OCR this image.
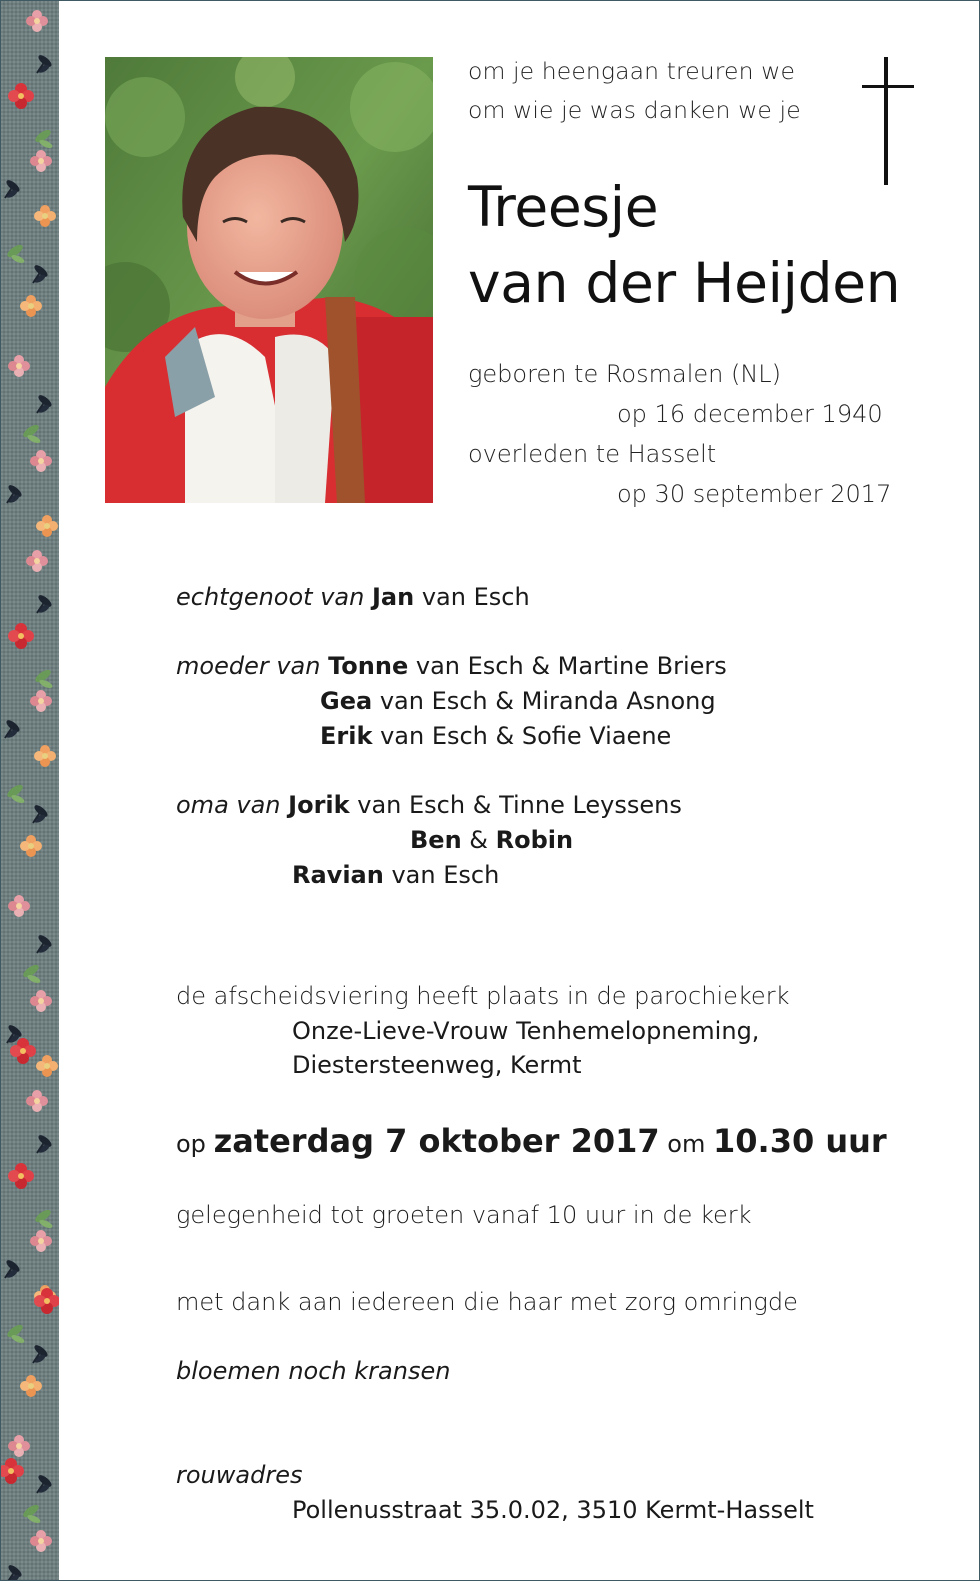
om je heengaan treuren we

om wie je was danken we je

Treesje

van der Heijden

geboren te Rosmalen (NL)

op 16 december 1940

overleden te Hasselt

op 30 september 2017

echtgenoot van Jan van Esch

moeder van Tonne van Esch & Martine Briers

Gea van Esch & Miranda Asnong

Erik van Esch & Sofie Viaene

oma van Jorik van Esch & Tinne Leyssens

Ben & Robin

Ravian van Esch

de afscheidsviering heeft plaats in de parochiekerk

Onze-Lieve-Vrouw Tenhemelopneming,

Diestersteenweg, Kermt

op zaterdag 7 oktober 2017 om 10.30 uur

gelegenheid tot groeten vanaf 10 uur in de kerk

met dank aan iedereen die haar met zorg omringde

bloemen noch kransen

rouwadres

Pollenusstraat 35.0.02, 3510 Kermt-Hasselt
